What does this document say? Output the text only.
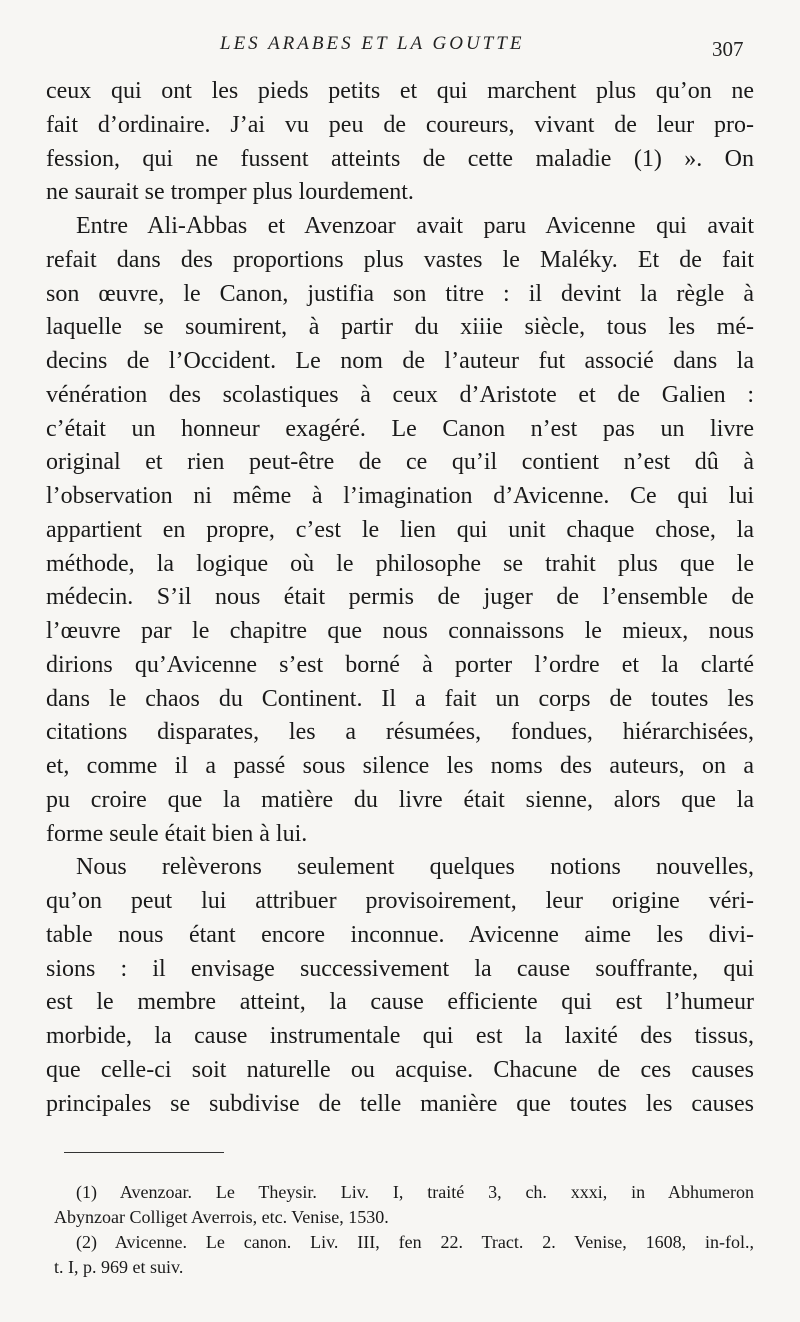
LES ARABES ET LA GOUTTE	307
ceux qui ont les pieds petits et qui marchent plus qu’on ne
fait d’ordinaire. J’ai vu peu de coureurs, vivant de leur pro-
fession, qui ne fussent atteints de cette maladie (1) ». On
ne saurait se tromper plus lourdement.
Entre Ali-Abbas et Avenzoar avait paru Avicenne qui avait
refait dans des proportions plus vastes le Maléky. Et de fait
son œuvre, le Canon, justifia son titre : il devint la règle à
laquelle se soumirent, à partir du xiiie siècle, tous les mé-
decins de l’Occident. Le nom de l’auteur fut associé dans la
vénération des scolastiques à ceux d’Aristote et de Galien :
c’était un honneur exagéré. Le Canon n’est pas un livre
original et rien peut-être de ce qu’il contient n’est dû à
l’observation ni même à l’imagination d’Avicenne. Ce qui lui
appartient en propre, c’est le lien qui unit chaque chose, la
méthode, la logique où le philosophe se trahit plus que le
médecin. S’il nous était permis de juger de l’ensemble de
l’œuvre par le chapitre que nous connaissons le mieux, nous
dirions qu’Avicenne s’est borné à porter l’ordre et la clarté
dans le chaos du Continent. Il a fait un corps de toutes les
citations disparates, les a résumées, fondues, hiérarchisées,
et, comme il a passé sous silence les noms des auteurs, on a
pu croire que la matière du livre était sienne, alors que la
forme seule était bien à lui.
Nous relèverons seulement quelques notions nouvelles,
qu’on peut lui attribuer provisoirement, leur origine véri-
table nous étant encore inconnue. Avicenne aime les divi-
sions : il envisage successivement la cause souffrante, qui
est le membre atteint, la cause efficiente qui est l’humeur
morbide, la cause instrumentale qui est la laxité des tissus,
que celle-ci soit naturelle ou acquise. Chacune de ces causes
principales se subdivise de telle manière que toutes les causes
(1) Avenzoar. Le Theysir. Liv. I, traité 3, ch. xxxi, in Abhumeron
Abynzoar Colliget Averrois, etc. Venise, 1530.
(2) Avicenne. Le canon. Liv. III, fen 22. Tract. 2. Venise, 1608, in-fol.,
t. I, p. 969 et suiv.
